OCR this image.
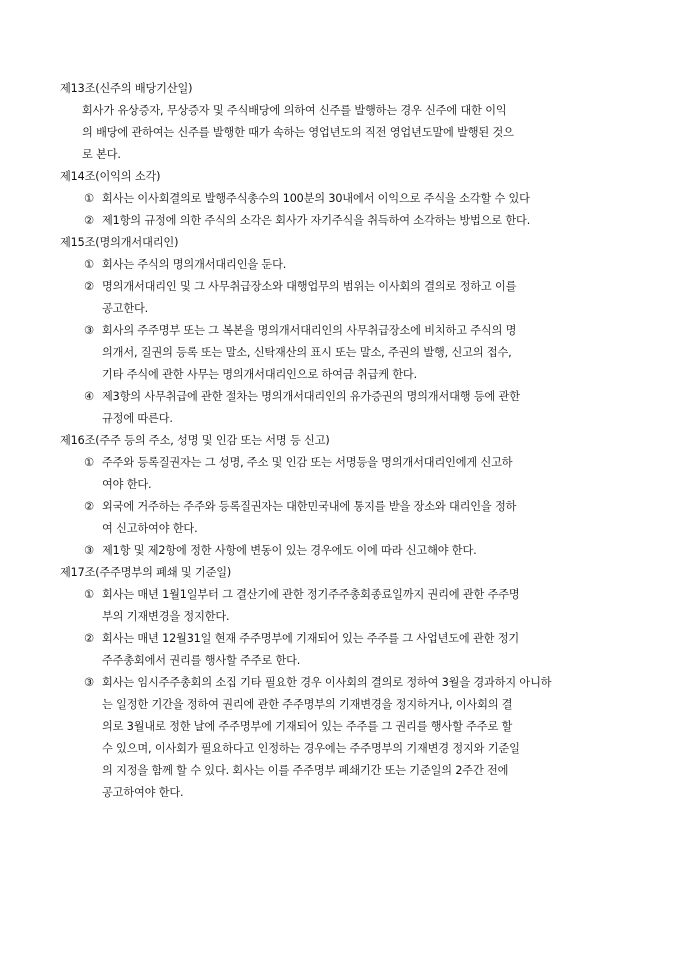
제13조(신주의 배당기산일)
회사가 유상증자, 무상증자 및 주식배당에 의하여 신주를 발행하는 경우 신주에 대한 이익
의 배당에 관하여는 신주를 발행한 때가 속하는 영업년도의 직전 영업년도말에 발행된 것으
로 본다.
제14조(이익의 소각)
① 회사는 이사회결의로 발행주식총수의 100분의 30내에서 이익으로 주식을 소각할 수 있다
② 제1항의 규정에 의한 주식의 소각은 회사가 자기주식을 취득하여 소각하는 방법으로 한다.
제15조(명의개서대리인)
① 회사는 주식의 명의개서대리인을 둔다.
② 명의개서대리인 및 그 사무취급장소와 대행업무의 범위는 이사회의 결의로 정하고 이를
공고한다.
③ 회사의 주주명부 또는 그 복본을 명의개서대리인의 사무취급장소에 비치하고 주식의 명
의개서, 질권의 등록 또는 말소, 신탁재산의 표시 또는 말소, 주권의 발행, 신고의 접수,
기타 주식에 관한 사무는 명의개서대리인으로 하여금 취급케 한다.
④ 제3항의 사무취급에 관한 절차는 명의개서대리인의 유가증권의 명의개서대행 등에 관한
규정에 따른다.
제16조(주주 등의 주소, 성명 및 인감 또는 서명 등 신고)
① 주주와 등록질권자는 그 성명, 주소 및 인감 또는 서명등을 명의개서대리인에게 신고하
여야 한다.
② 외국에 거주하는 주주와 등록질권자는 대한민국내에 통지를 받을 장소와 대리인을 정하
여 신고하여야 한다.
③ 제1항 및 제2항에 정한 사항에 변동이 있는 경우에도 이에 따라 신고해야 한다.
제17조(주주명부의 폐쇄 및 기준일)
① 회사는 매년 1월1일부터 그 결산기에 관한 정기주주총회종료일까지 권리에 관한 주주명
부의 기재변경을 정지한다.
② 회사는 매년 12월31일 현재 주주명부에 기재되어 있는 주주를 그 사업년도에 관한 정기
주주총회에서 권리를 행사할 주주로 한다.
③ 회사는 임시주주총회의 소집 기타 필요한 경우 이사회의 결의로 정하여 3월을 경과하지 아니하
는 일정한 기간을 정하여 권리에 관한 주주명부의 기재변경을 정지하거나, 이사회의 결
의로 3월내로 정한 날에 주주명부에 기재되어 있는 주주를 그 권리를 행사할 주주로 할
수 있으며, 이사회가 필요하다고 인정하는 경우에는 주주명부의 기재변경 정지와 기준일
의 지정을 함께 할 수 있다. 회사는 이를 주주명부 폐쇄기간 또는 기준일의 2주간 전에
공고하여야 한다.
